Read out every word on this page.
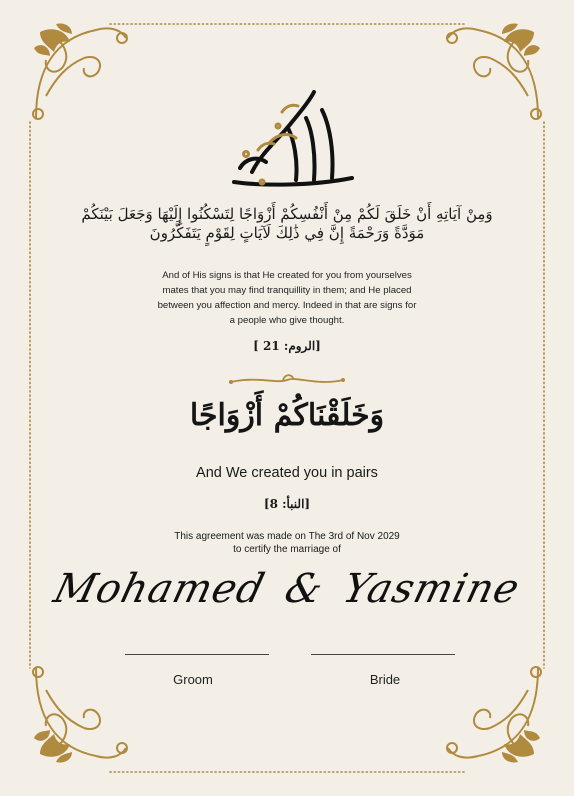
وَمِنْ آيَاتِهِ أَنْ خَلَقَ لَكُمْ مِنْ أَنْفُسِكُمْ أَزْوَاجًا لِتَسْكُنُوا إِلَيْهَا وَجَعَلَ بَيْنَكُمْ مَوَدَّةً وَرَحْمَةً إِنَّ فِي ذَٰلِكَ لَآيَاتٍ لِقَوْمٍ يَتَفَكَّرُونَ
And of His signs is that He created for you from yourselves
mates that you may find tranquillity in them; and He placed
between you affection and mercy. Indeed in that are signs for
a people who give thought.
[الروم: 21 ]
وَخَلَقْنَاكُمْ أَزْوَاجًا
And We created you in pairs
[النبأ: 8]
This agreement was made on The 3rd of Nov 2029
to certify the marriage of
Mohamed & Yasmine
Groom	Bride
